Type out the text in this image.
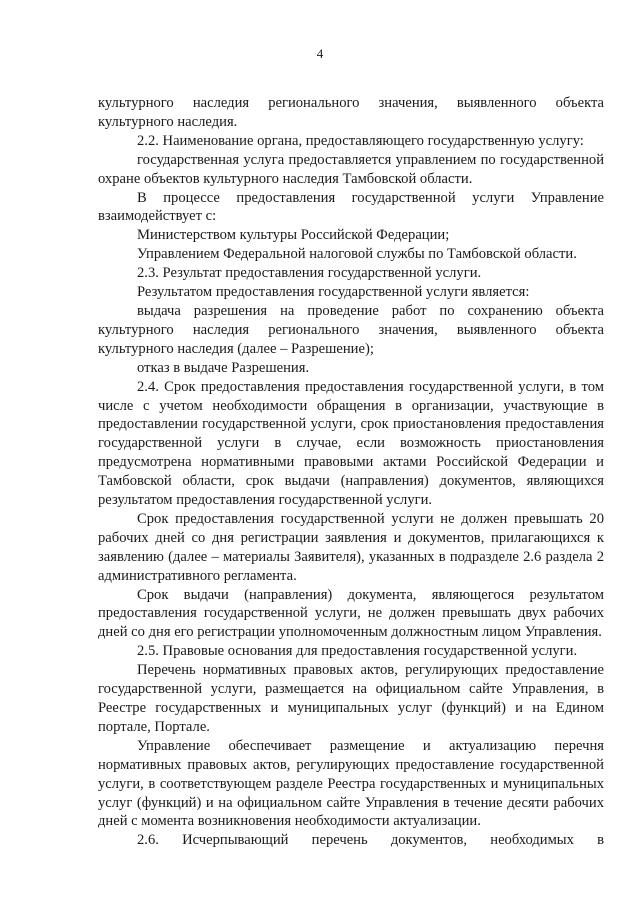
4

культурного наследия регионального значения, выявленного объекта культурного наследия.

2.2. Наименование органа, предоставляющего государственную услугу:

государственная услуга предоставляется управлением по государственной охране объектов культурного наследия Тамбовской области.

В процессе предоставления государственной услуги Управление взаимодействует с:

Министерством культуры Российской Федерации;

Управлением Федеральной налоговой службы по Тамбовской области.

2.3. Результат предоставления государственной услуги.

Результатом предоставления государственной услуги является:

выдача разрешения на проведение работ по сохранению объекта культурного наследия регионального значения, выявленного объекта культурного наследия (далее – Разрешение);

отказ в выдаче Разрешения.

2.4. Срок предоставления предоставления государственной услуги, в том числе с учетом необходимости обращения в организации, участвующие в предоставлении государственной услуги, срок приостановления предоставления государственной услуги в случае, если возможность приостановления предусмотрена нормативными правовыми актами Российской Федерации и Тамбовской области, срок выдачи (направления) документов, являющихся результатом предоставления государственной услуги.

Срок предоставления государственной услуги не должен превышать 20 рабочих дней со дня регистрации заявления и документов, прилагающихся к заявлению (далее – материалы Заявителя), указанных в подразделе 2.6 раздела 2 административного регламента.

Срок выдачи (направления) документа, являющегося результатом предоставления государственной услуги, не должен превышать двух рабочих дней со дня его регистрации уполномоченным должностным лицом Управления.

2.5. Правовые основания для предоставления государственной услуги.

Перечень нормативных правовых актов, регулирующих предоставление государственной услуги, размещается на официальном сайте Управления, в Реестре государственных и муниципальных услуг (функций) и на Едином портале, Портале.

Управление обеспечивает размещение и актуализацию перечня нормативных правовых актов, регулирующих предоставление государственной услуги, в соответствующем разделе Реестра государственных и муниципальных услуг (функций) и на официальном сайте Управления в течение десяти рабочих дней с момента возникновения необходимости актуализации.

2.6. Исчерпывающий перечень документов, необходимых в
